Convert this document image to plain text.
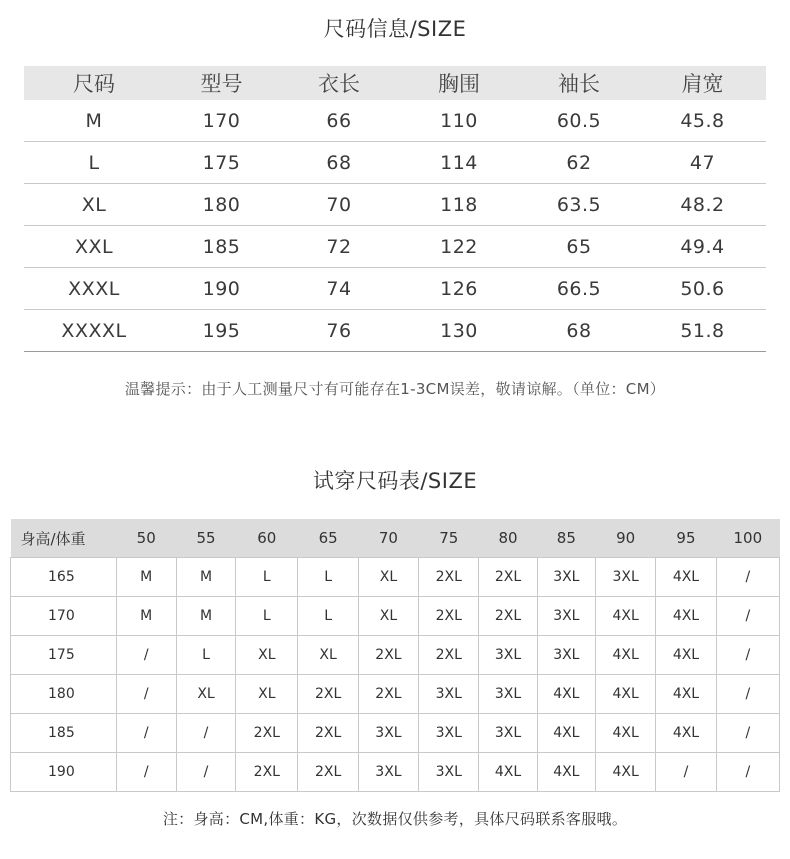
尺码信息/SIZE
尺码	型号	衣长	胸围	袖长	肩宽
M	170	66	110	60.5	45.8
L	175	68	114	62	47
XL	180	70	118	63.5	48.2
XXL	185	72	122	65	49.4
XXXL	190	74	126	66.5	50.6
XXXXL	195	76	130	68	51.8
温馨提示：由于人工测量尺寸有可能存在1-3CM误差，敬请谅解。（单位：CM）
试穿尺码表/SIZE
身高/体重	50	55	60	65	70	75	80	85	90	95	100
165	M	M	L	L	XL	2XL	2XL	3XL	3XL	4XL	/
170	M	M	L	L	XL	2XL	2XL	3XL	4XL	4XL	/
175	/	L	XL	XL	2XL	2XL	3XL	3XL	4XL	4XL	/
180	/	XL	XL	2XL	2XL	3XL	3XL	4XL	4XL	4XL	/
185	/	/	2XL	2XL	3XL	3XL	3XL	4XL	4XL	4XL	/
190	/	/	2XL	2XL	3XL	3XL	4XL	4XL	4XL	/	/
注：身高：CM,体重：KG，次数据仅供参考，具体尺码联系客服哦。
